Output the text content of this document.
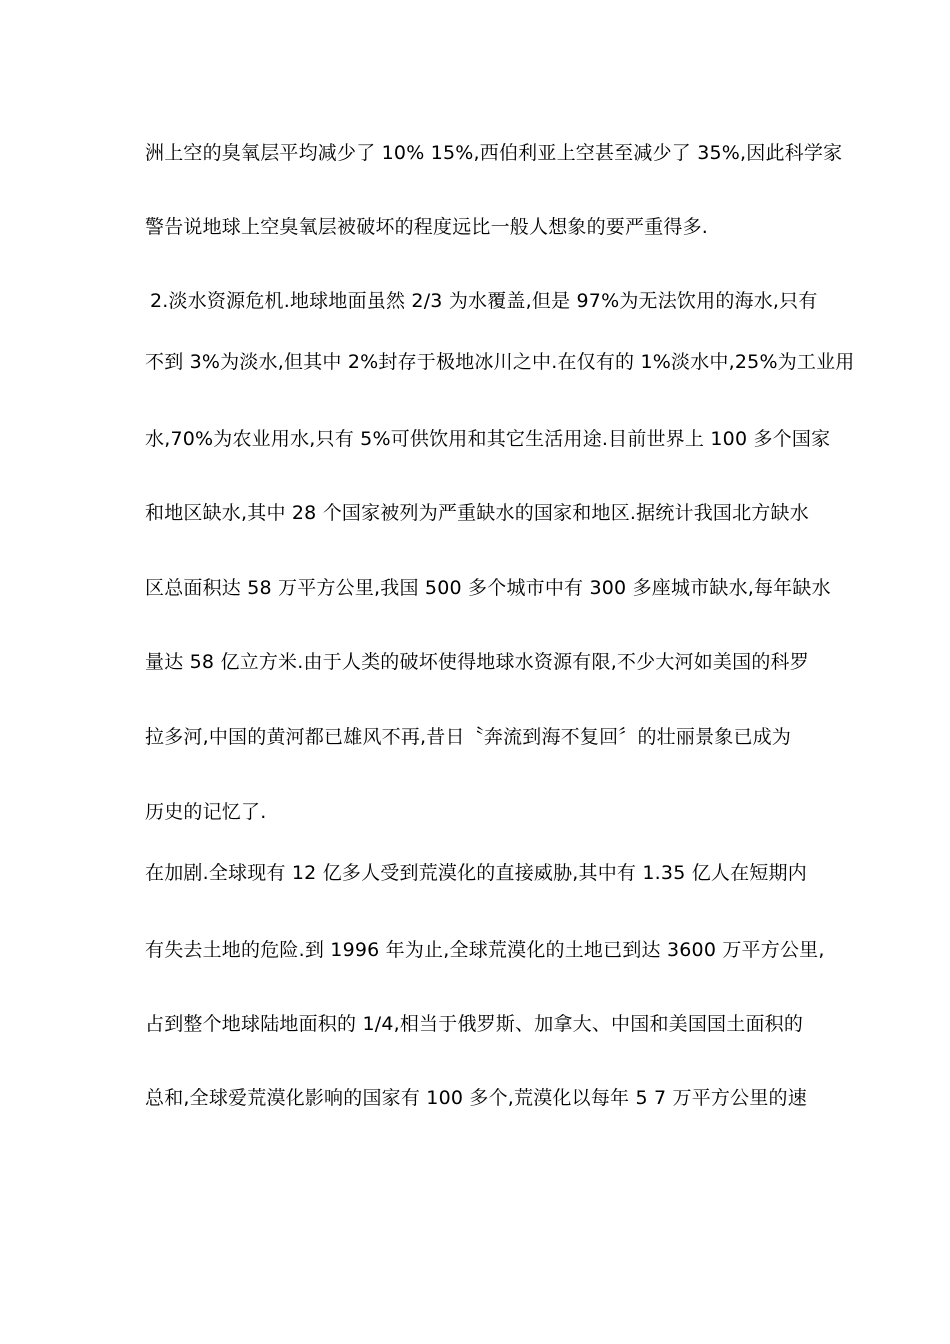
洲上空的臭氧层平均减少了 10% 15%,西伯利亚上空甚至减少了 35%,因此科学家
警告说地球上空臭氧层被破坏的程度远比一般人想象的要严重得多.
2.淡水资源危机.地球地面虽然 2/3 为水覆盖,但是 97%为无法饮用的海水,只有
不到 3%为淡水,但其中 2%封存于极地冰川之中.在仅有的 1%淡水中,25%为工业用
水,70%为农业用水,只有 5%可供饮用和其它生活用途.目前世界上 100 多个国家
和地区缺水,其中 28 个国家被列为严重缺水的国家和地区.据统计我国北方缺水
区总面积达 58 万平方公里,我国 500 多个城市中有 300 多座城市缺水,每年缺水
量达 58 亿立方米.由于人类的破坏使得地球水资源有限,不少大河如美国的科罗
拉多河,中国的黄河都已雄风不再,昔日〝奔流到海不复回〞的壮丽景象已成为
历史的记忆了.
在加剧.全球现有 12 亿多人受到荒漠化的直接威胁,其中有 1.35 亿人在短期内
有失去土地的危险.到 1996 年为止,全球荒漠化的土地已到达 3600 万平方公里,
占到整个地球陆地面积的 1/4,相当于俄罗斯、加拿大、中国和美国国土面积的
总和,全球爱荒漠化影响的国家有 100 多个,荒漠化以每年 5 7 万平方公里的速
